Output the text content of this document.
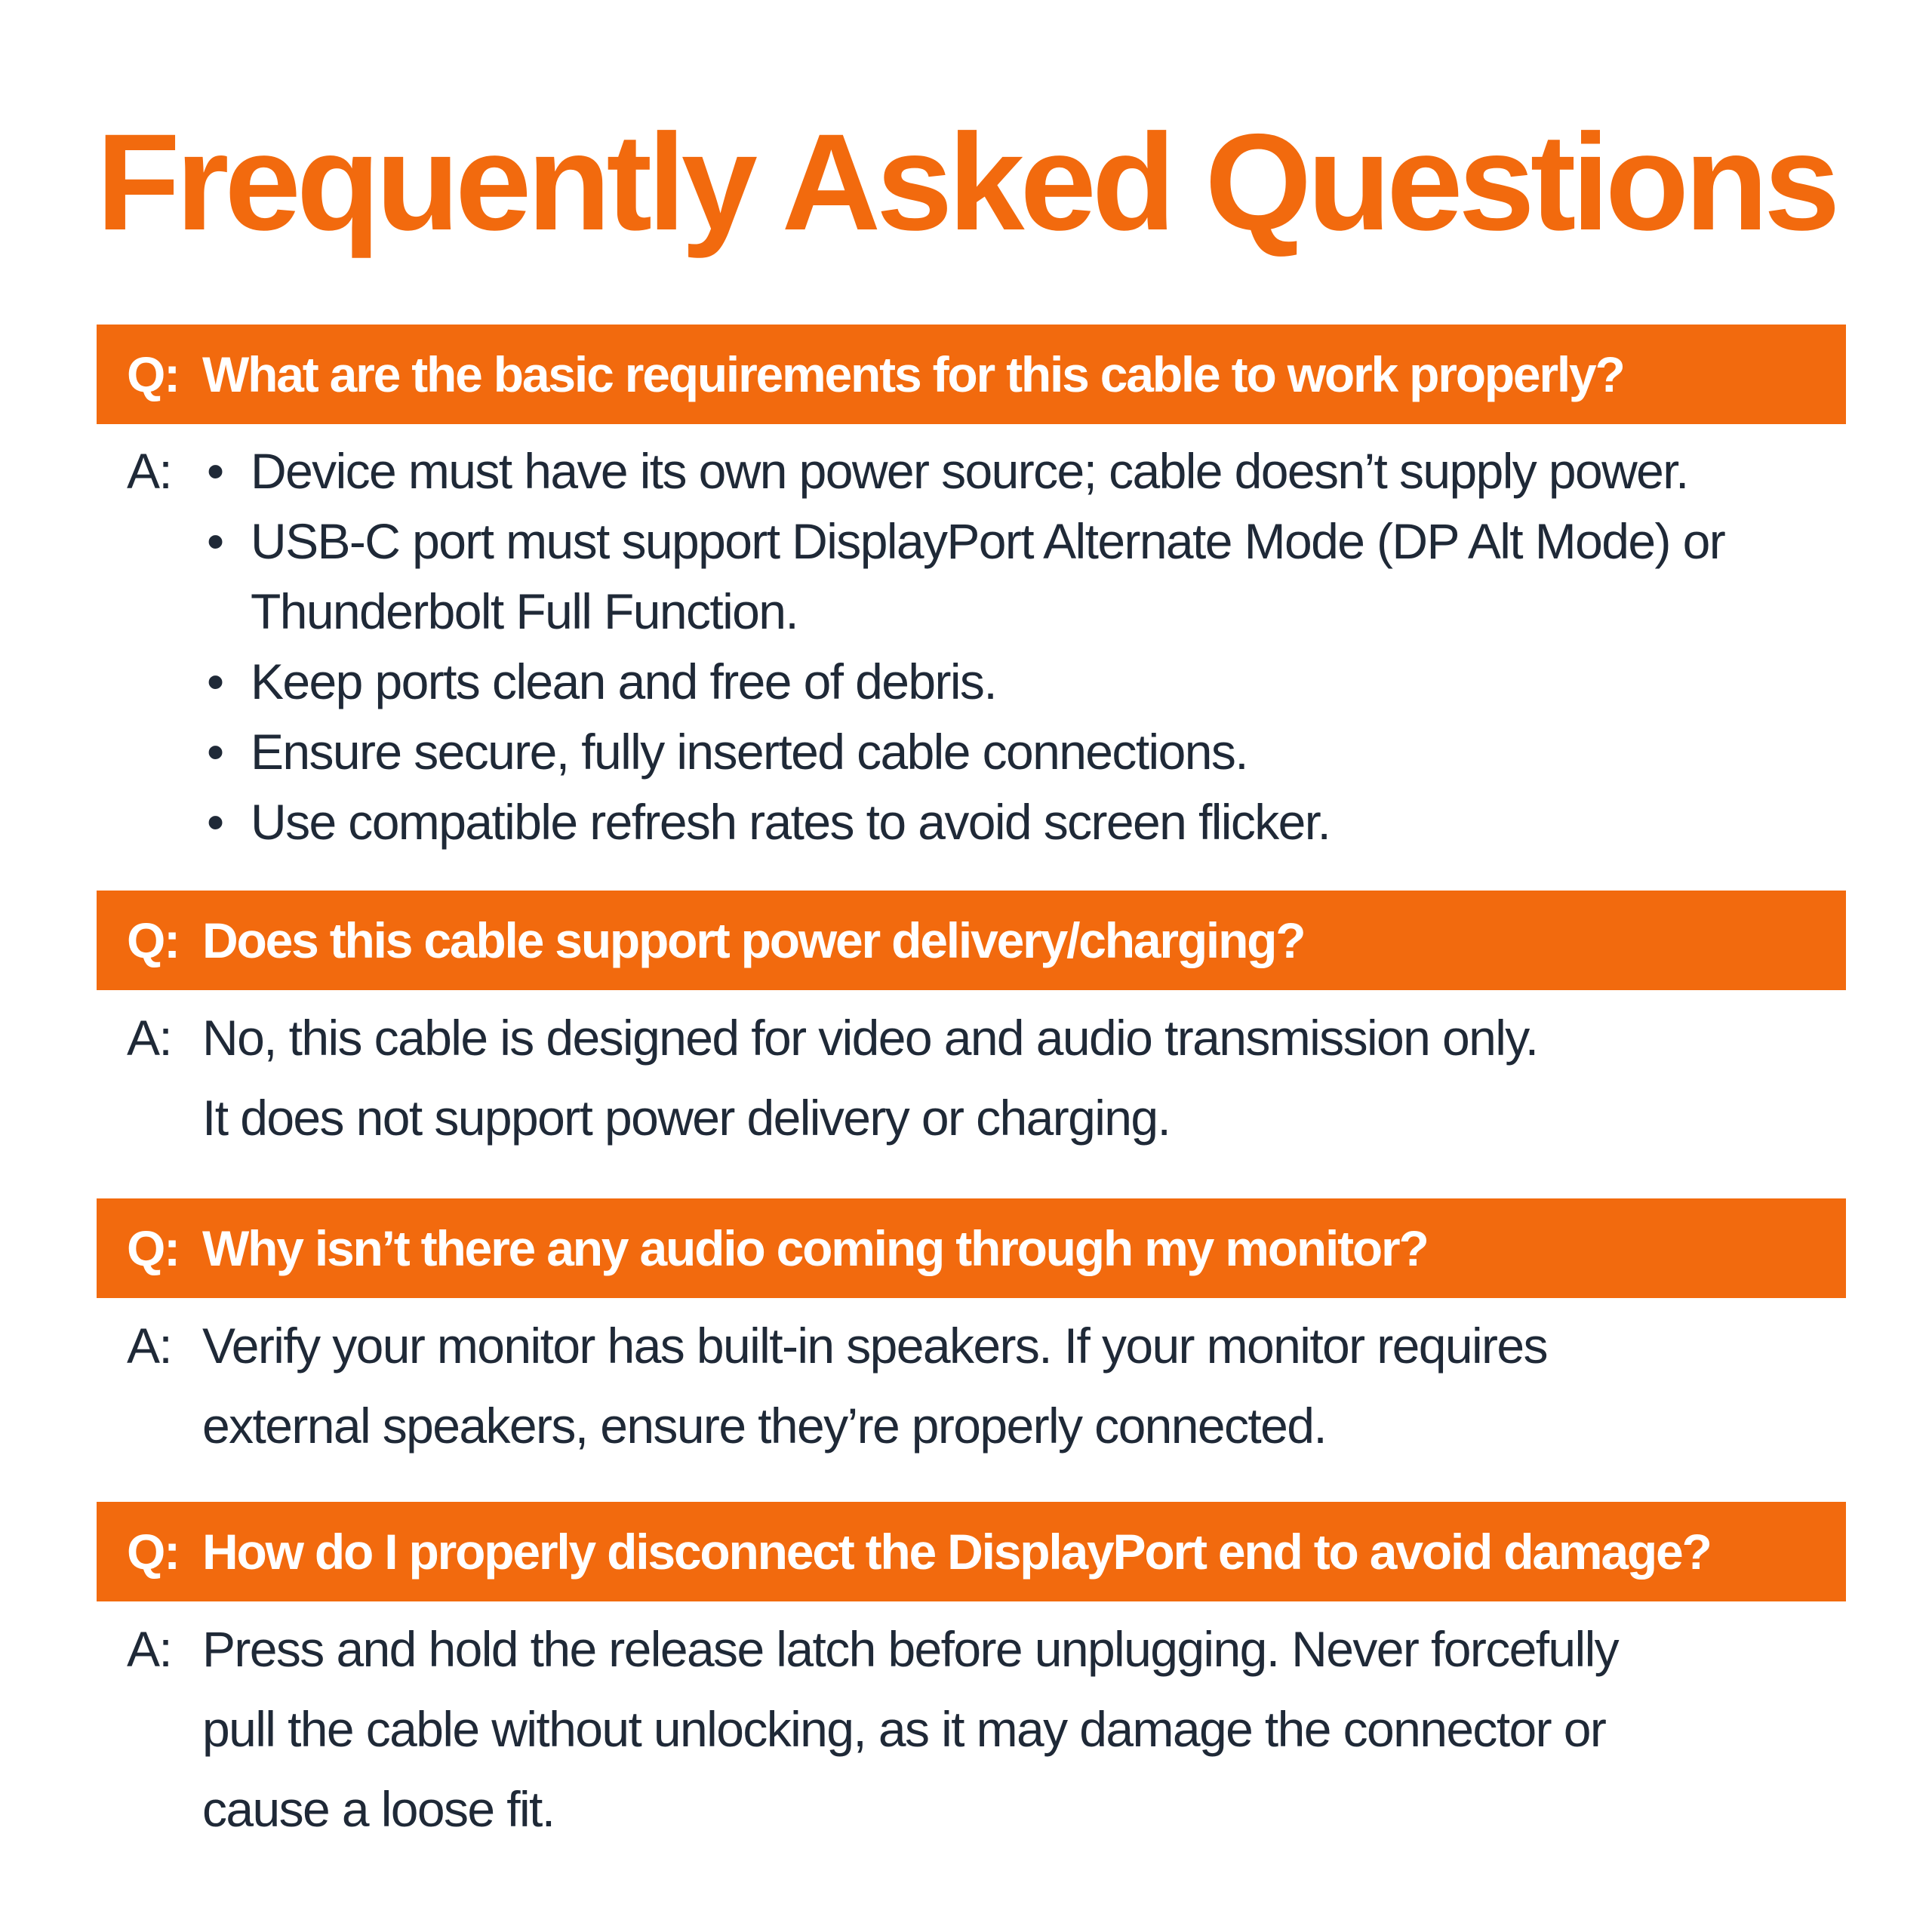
Frequently Asked Questions
Q: What are the basic requirements for this cable to work properly?
A: • Device must have its own power source; cable doesn’t supply power.
• USB-C port must support DisplayPort Alternate Mode (DP Alt Mode) or Thunderbolt Full Function.
• Keep ports clean and free of debris.
• Ensure secure, fully inserted cable connections.
• Use compatible refresh rates to avoid screen flicker.
Q: Does this cable support power delivery/charging?
A: No, this cable is designed for video and audio transmission only.
It does not support power delivery or charging.
Q: Why isn’t there any audio coming through my monitor?
A: Verify your monitor has built-in speakers. If your monitor requires
external speakers, ensure they’re properly connected.
Q: How do I properly disconnect the DisplayPort end to avoid damage?
A: Press and hold the release latch before unplugging. Never forcefully
pull the cable without unlocking, as it may damage the connector or
cause a loose fit.
